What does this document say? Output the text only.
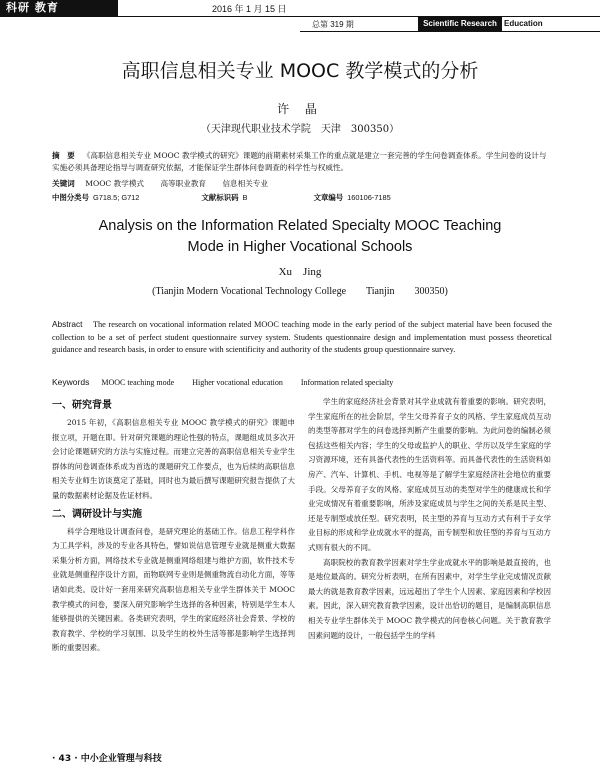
科研 教育	2016 年 1 月 15 日
总第 319 期	Scientific Research Education
高职信息相关专业 MOOC 教学模式的分析
许 晶
（天津现代职业技术学院　天津　300350）
摘　要 《高职信息相关专业 MOOC 教学模式的研究》课题的前期素材采集工作的重点就是建立一套完善的学生问卷调查体系。学生问卷的设计与实施必须具备理论指导与调查研究依据，才能保证学生群体问卷调查的科学性与权威性。
关键词 MOOC 教学模式 高等职业教育 信息相关专业
中图分类号 G718.5; G712	文献标识码 B	文章编号 160106-7185
Analysis on the Information Related Specialty MOOC Teaching
Mode in Higher Vocational Schools
Xu　Jing
(Tianjin Modern Vocational Technology College　　Tianjin　　300350)
Abstract The research on vocational information related MOOC teaching mode in the early period of the subject material have been focused the collection to be a set of perfect student questionnaire survey system. Students questionnaire design and implementation must possess theoretical guidance and research basis, in order to ensure with scientificity and authority of the students group questionnaire survey.
Keywords MOOC teaching mode Higher vocational education Information related specialty
一、研究背景

2015 年初，《高职信息相关专业 MOOC 教学模式的研究》课题申报立项，开题在即。针对研究课题的理论性强的特点，课题组成员多次开会讨论课题研究的方法与实施过程。而建立完善的高职信息相关专业学生群体的问卷调查体系成为首选的课题研究工作要点，也为后续的高职信息相关专业师生访谈奠定了基础，同时也为最后撰写课题研究报告提供了大量的数据素材论据及佐证材料。

二、调研设计与实施

科学合理地设计调查问卷，是研究理论的基础工作。信息工程学科作为工具学科，涉及的专业各具特色，譬如说信息管理专业就是侧重大数据采集分析方面，网络技术专业就是侧重网络组建与维护方面，软件技术专业就是侧重程序设计方面，而物联网专业则是侧重物流自动化方面，等等诸如此类。设计好一套用来研究高职信息相关专业学生群体关于 MOOC 教学模式的问卷，要深入研究影响学生选择的各种因素，特别是学生本人能够提供的关键因素。各类研究表明，学生的家庭经济社会背景、学校的教育教学、学校的学习氛围、以及学生的校外生活等都是影响学生选择判断的重要因素。

学生的家庭经济社会背景对其学业成就有着重要的影响。研究表明，学生家庭所在的社会阶层，学生父母养育子女的风格、学生家庭成员互动的类型等都对学生的问卷选择判断产生重要的影响。为此问卷的编制必须包括这些相关内容；学生的父母或监护人的职业、学历以及学生家庭的学习资源环境，还有具备代表性的生活资料等。而具备代表性的生活资料如房产、汽车、计算机、手机、电视等是了解学生家庭经济社会地位的重要手段。父母养育子女的风格、家庭成员互动的类型对学生的健康成长和学业完成情况有着重要影响，所涉及家庭成员与学生之间的关系是民主型、还是专制型或放任型。研究表明，民主型的养育与互动方式有利于子女学业目标的形成和学业成就水平的提高，而专制型和放任型的养育与互动方式则有很大的不同。

高职院校的教育教学因素对学生学业成就水平的影响是最直接的，也是地位最高的。研究分析表明，在所有因素中，对学生学业完成情况贡献最大的就是教育教学因素，远远超出了学生个人因素、家庭因素和学校因素。因此，深入研究教育教学因素，设计出恰切的题目，是编制高职信息相关专业学生群体关于 MOOC 教学模式的问卷核心问题。关于教育教学因素问题的设计，一般包括学生的学科

· 43 · 中小企业管理与科技
